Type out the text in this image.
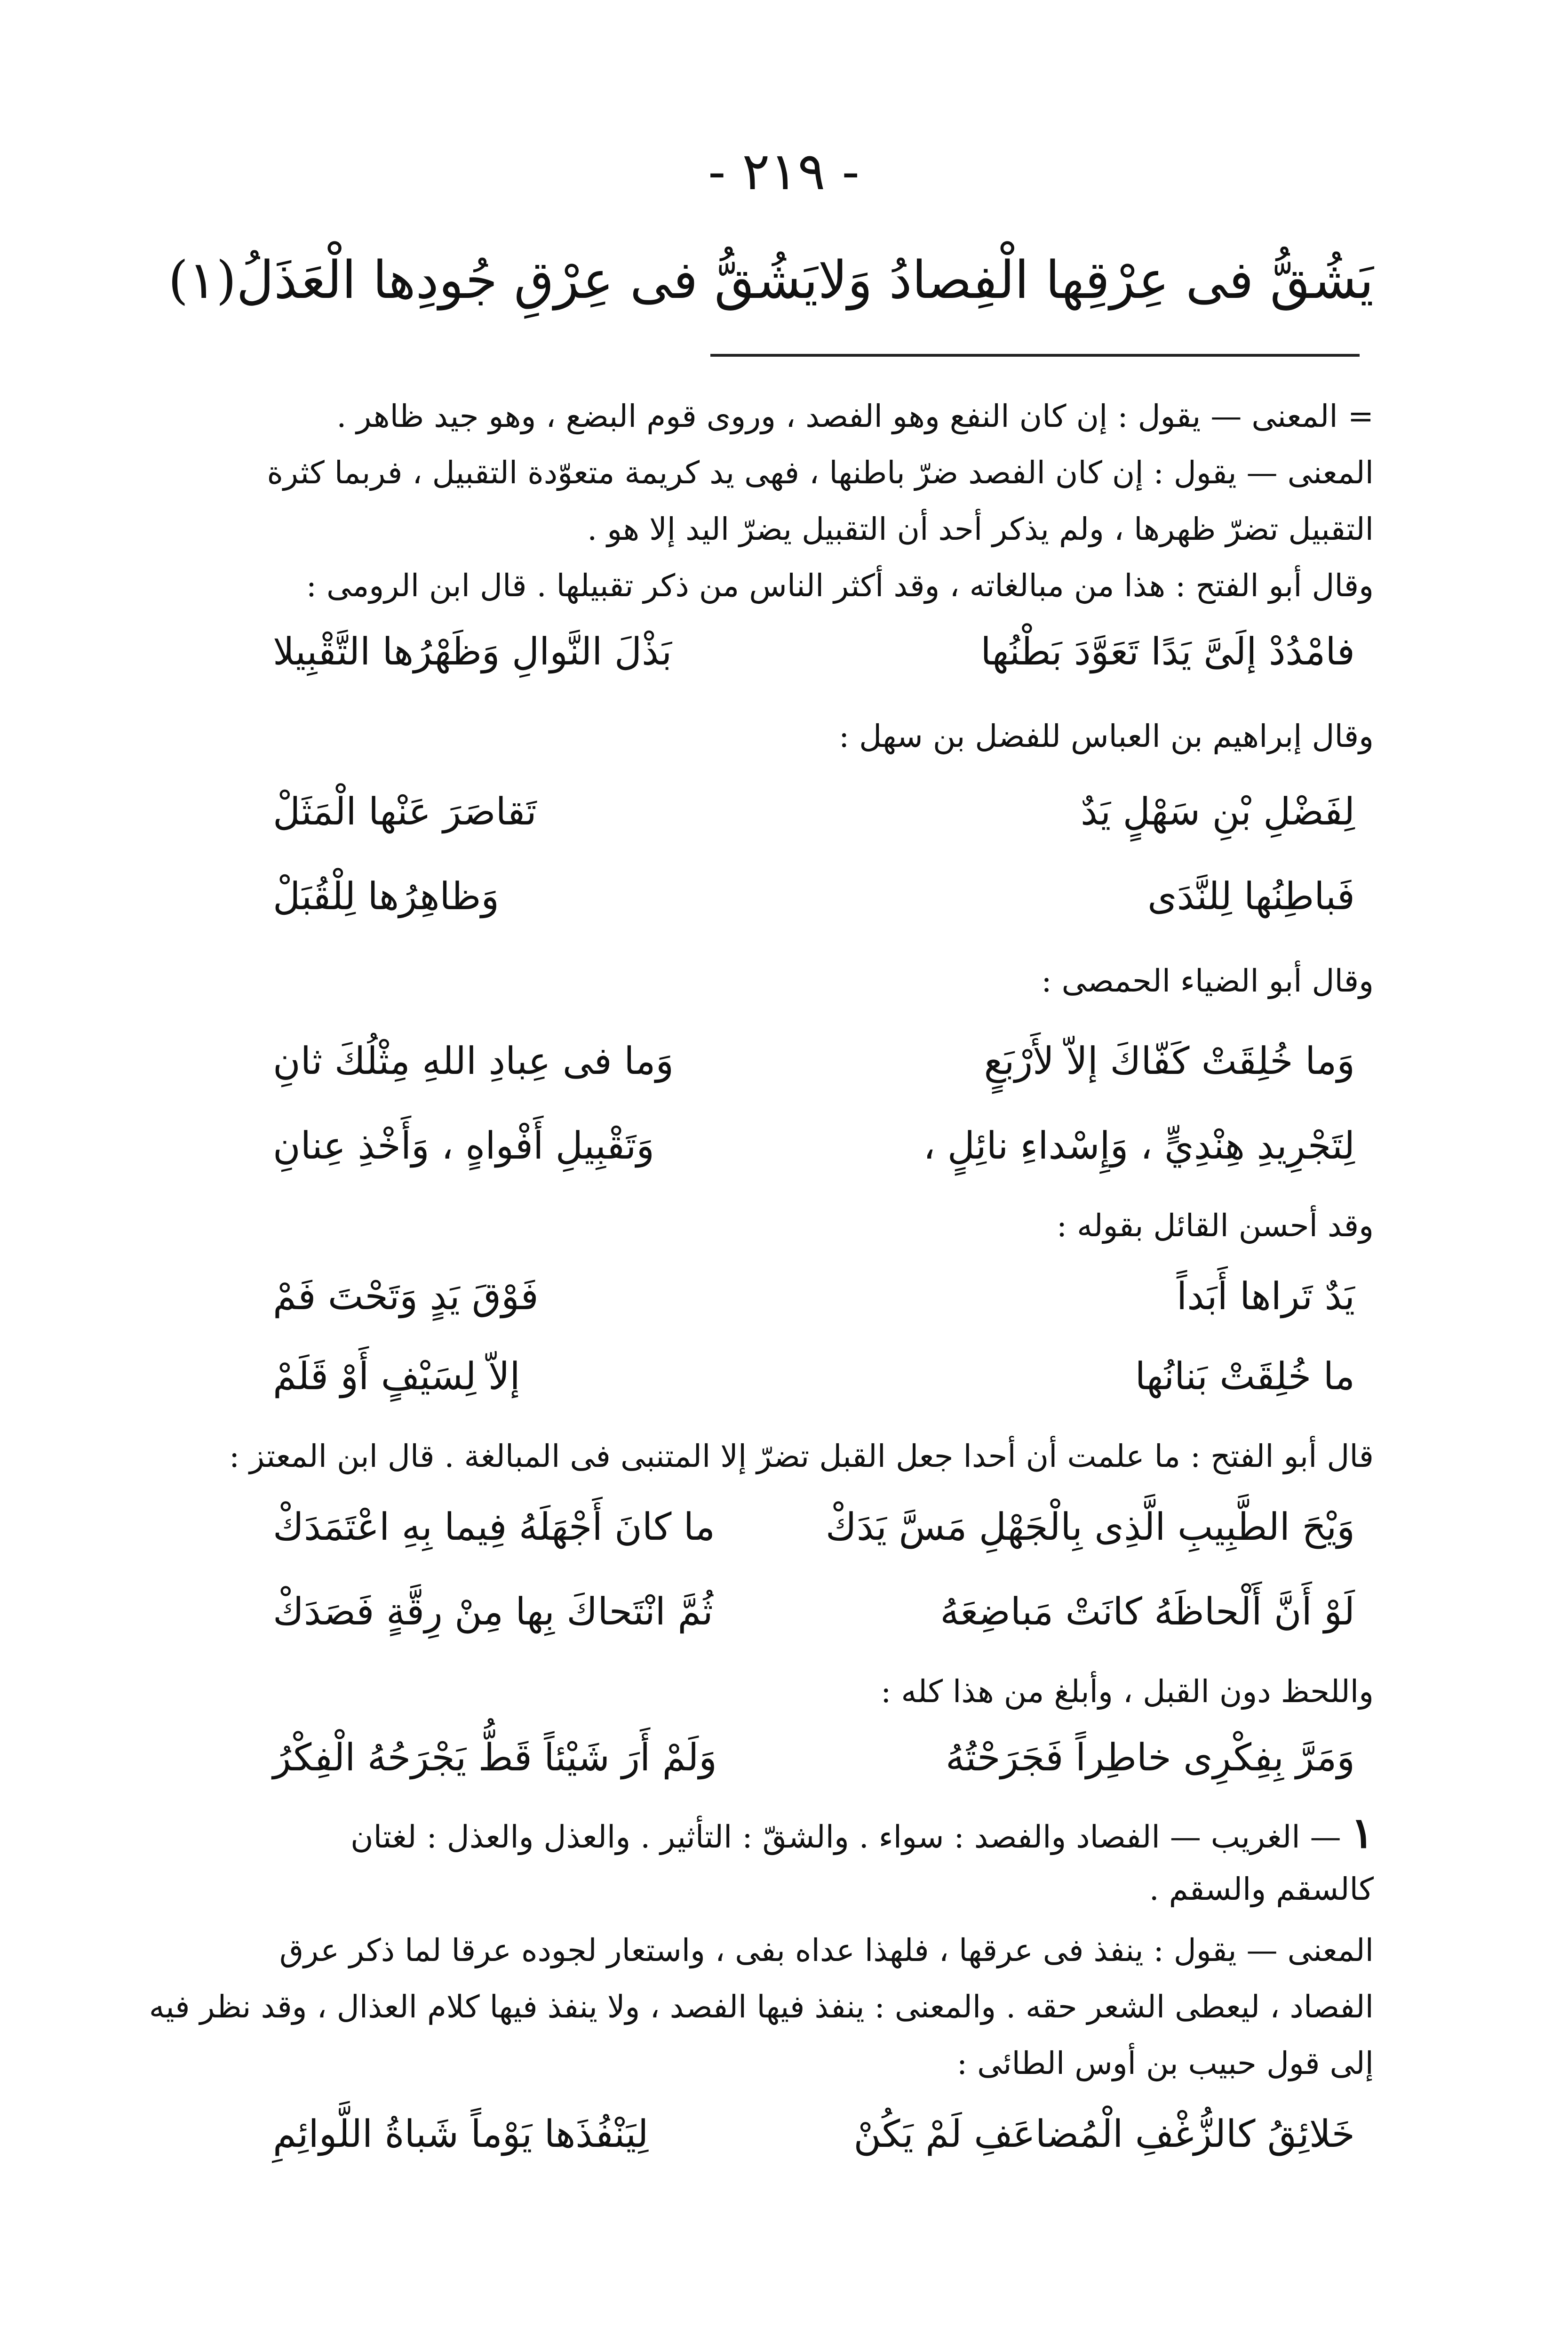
- ٢١٩ -
يَشُقُّ فى عِرْقِها الْفِصادُ وَلا
يَشُقُّ فى عِرْقِ جُودِها الْعَذَلُ(١)
= المعنى — يقول : إن كان النفع وهو الفصد ، وروى قوم البضع ، وهو جيد ظاهر .
المعنى — يقول : إن كان الفصد ضرّ باطنها ، فهى يد كريمة متعوّدة التقبيل ، فربما كثرة
التقبيل تضرّ ظهرها ، ولم يذكر أحد أن التقبيل يضرّ اليد إلا هو .
وقال أبو الفتح : هذا من مبالغاته ، وقد أكثر الناس من ذكر تقبيلها . قال ابن الرومى :
فامْدُدْ إلَىَّ يَدًا تَعَوَّدَ بَطْنُها
بَذْلَ النَّوالِ وَظَهْرُها التَّقْبِيلا
وقال إبراهيم بن العباس للفضل بن سهل :
لِفَضْلِ بْنِ سَهْلٍ يَدٌ
تَقاصَرَ عَنْها الْمَثَلْ
فَباطِنُها لِلنَّدَى
وَظاهِرُها لِلْقُبَلْ
وقال أبو الضياء الحمصى :
وَما خُلِقَتْ كَفّاكَ إلاّ لأَرْبَعٍ
وَما فى عِبادِ اللهِ مِثْلُكَ ثانِ
لِتَجْرِيدِ هِنْدِيٍّ ، وَإِسْداءِ نائِلٍ ،
وَتَقْبِيلِ أَفْواهٍ ، وَأَخْذِ عِنانِ
وقد أحسن القائل بقوله :
يَدٌ تَراها أَبَداً
فَوْقَ يَدٍ وَتَحْتَ فَمْ
ما خُلِقَتْ بَنانُها
إلاّ لِسَيْفٍ أَوْ قَلَمْ
قال أبو الفتح : ما علمت أن أحدا جعل القبل تضرّ إلا المتنبى فى المبالغة . قال ابن المعتز :
وَيْحَ الطَّبِيبِ الَّذِى بِالْجَهْلِ مَسَّ يَدَكْ
ما كانَ أَجْهَلَهُ فِيما بِهِ اعْتَمَدَكْ
لَوْ أَنَّ أَلْحاظَهُ كانَتْ مَباضِعَهُ
ثُمَّ انْتَحاكَ بِها مِنْ رِقَّةٍ فَصَدَكْ
واللحظ دون القبل ، وأبلغ من هذا كله :
وَمَرَّ بِفِكْرِى خاطِراً فَجَرَحْتُهُ
وَلَمْ أَرَ شَيْئاً قَطُّ يَجْرَحُهُ الْفِكْرُ
١ — الغريب — الفصاد والفصد : سواء . والشقّ : التأثير . والعذل والعذل : لغتان
كالسقم والسقم .
المعنى — يقول : ينفذ فى عرقها ، فلهذا عداه بفى ، واستعار لجوده عرقا لما ذكر عرق
الفصاد ، ليعطى الشعر حقه . والمعنى : ينفذ فيها الفصد ، ولا ينفذ فيها كلام العذال ، وقد نظر فيه
إلى قول حبيب بن أوس الطائى :
خَلائِقُ كالزُّغْفِ الْمُضاعَفِ لَمْ يَكُنْ
لِيَنْفُذَها يَوْماً شَباةُ اللَّوائِمِ
